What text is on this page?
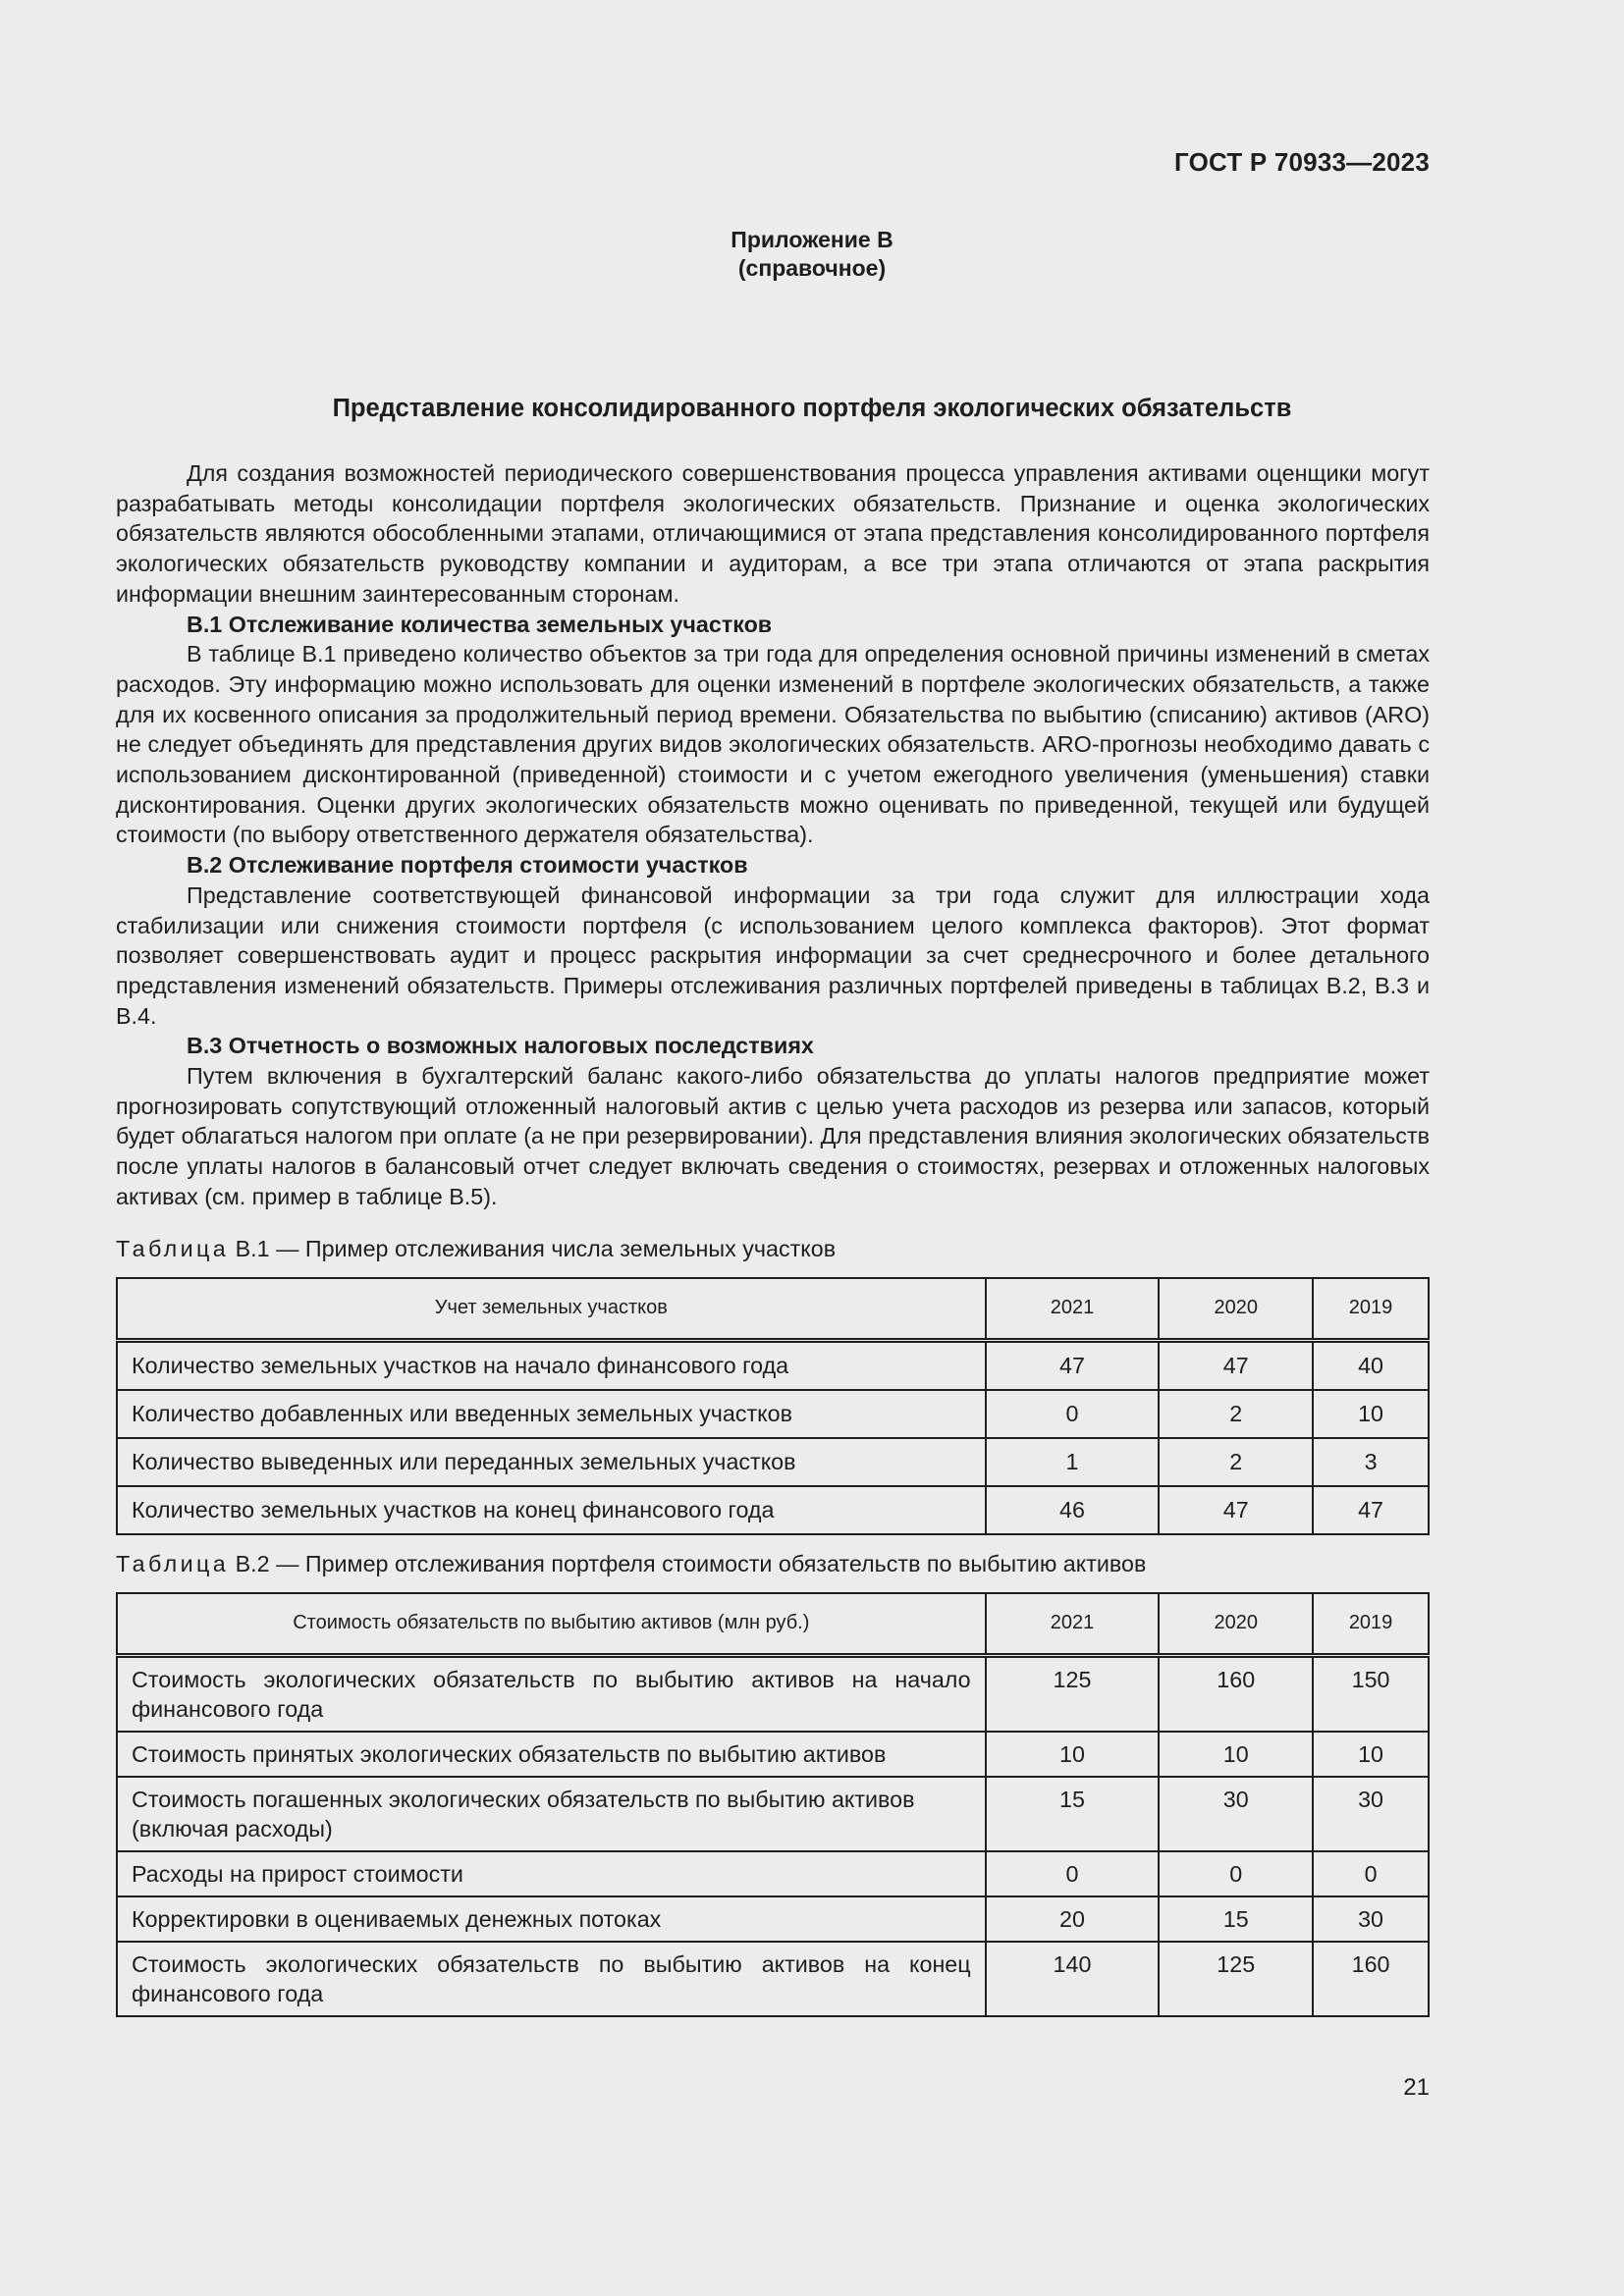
ГОСТ Р 70933—2023
Приложение В
(справочное)
Представление консолидированного портфеля экологических обязательств

Для создания возможностей периодического совершенствования процесса управления активами оценщики могут разрабатывать методы консолидации портфеля экологических обязательств. Признание и оценка экологических обязательств являются обособленными этапами, отличающимися от этапа представления консолидированного портфеля экологических обязательств руководству компании и аудиторам, а все три этапа отличаются от этапа раскрытия информации внешним заинтересованным сторонам.

В.1 Отслеживание количества земельных участков

В таблице В.1 приведено количество объектов за три года для определения основной причины изменений в сметах расходов. Эту информацию можно использовать для оценки изменений в портфеле экологических обязательств, а также для их косвенного описания за продолжительный период времени. Обязательства по выбытию (списанию) активов (ARO) не следует объединять для представления других видов экологических обязательств. ARO-прогнозы необходимо давать с использованием дисконтированной (приведенной) стоимости и с учетом ежегодного увеличения (уменьшения) ставки дисконтирования. Оценки других экологических обязательств можно оценивать по приведенной, текущей или будущей стоимости (по выбору ответственного держателя обязательства).

В.2 Отслеживание портфеля стоимости участков

Представление соответствующей финансовой информации за три года служит для иллюстрации хода стабилизации или снижения стоимости портфеля (с использованием целого комплекса факторов). Этот формат позволяет совершенствовать аудит и процесс раскрытия информации за счет среднесрочного и более детального представления изменений обязательств. Примеры отслеживания различных портфелей приведены в таблицах В.2, В.3 и В.4.

В.3 Отчетность о возможных налоговых последствиях

Путем включения в бухгалтерский баланс какого-либо обязательства до уплаты налогов предприятие может прогнозировать сопутствующий отложенный налоговый актив с целью учета расходов из резерва или запасов, который будет облагаться налогом при оплате (а не при резервировании). Для представления влияния экологических обязательств после уплаты налогов в балансовый отчет следует включать сведения о стоимостях, резервах и отложенных налоговых активах (см. пример в таблице В.5).

Таблица В.1 — Пример отслеживания числа земельных участков
Учет земельных участков	2021	2020	2019
Количество земельных участков на начало финансового года	47	47	40
Количество добавленных или введенных земельных участков	0	2	10
Количество выведенных или переданных земельных участков	1	2	3
Количество земельных участков на конец финансового года	46	47	47
Таблица В.2 — Пример отслеживания портфеля стоимости обязательств по выбытию активов
Стоимость обязательств по выбытию активов (млн руб.)	2021	2020	2019
Стоимость экологических обязательств по выбытию активов на начало финансового года	125	160	150
Стоимость принятых экологических обязательств по выбытию активов	10	10	10
Стоимость погашенных экологических обязательств по выбытию активов (включая расходы)	15	30	30
Расходы на прирост стоимости	0	0	0
Корректировки в оцениваемых денежных потоках	20	15	30
Стоимость экологических обязательств по выбытию активов на конец финансового года	140	125	160
21
